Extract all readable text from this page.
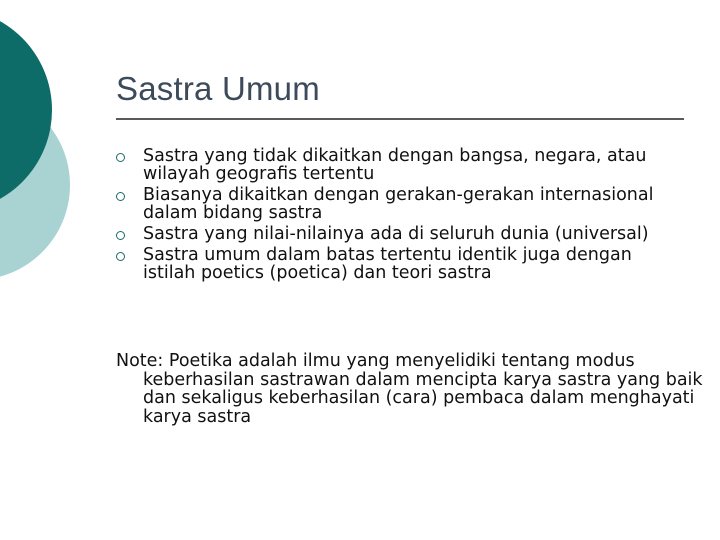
Sastra Umum
Sastra yang tidak dikaitkan dengan bangsa, negara, atau wilayah geografis tertentu
Biasanya dikaitkan dengan gerakan-gerakan internasional dalam bidang sastra
Sastra yang nilai-nilainya ada di seluruh dunia (universal)
Sastra umum dalam batas tertentu identik juga dengan istilah poetics (poetica) dan teori sastra
Note: Poetika adalah ilmu yang menyelidiki tentang modus keberhasilan sastrawan dalam mencipta karya sastra yang baik dan sekaligus keberhasilan (cara) pembaca dalam menghayati karya sastra
